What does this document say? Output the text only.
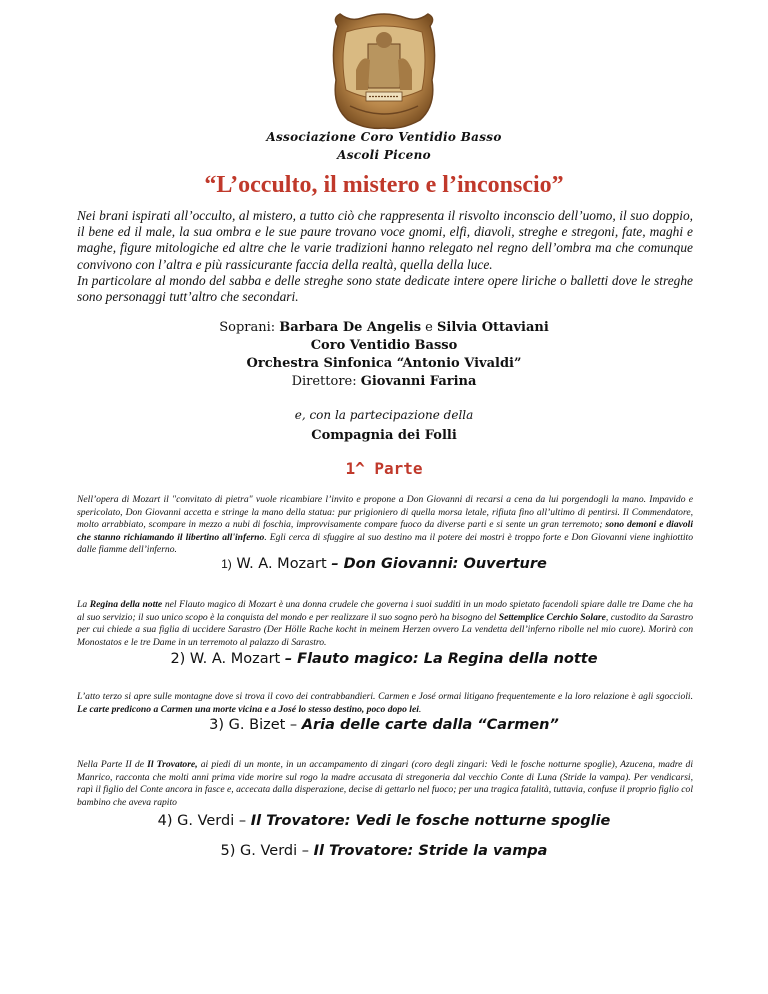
Associazione Coro Ventidio Basso
Ascoli Piceno
“L’occulto, il mistero e l’inconscio”

Nei brani ispirati all’occulto, al mistero, a tutto ciò che rappresenta il risvolto inconscio dell’uomo, il suo doppio, il bene ed il male, la sua ombra e le sue paure trovano voce gnomi, elfi, diavoli, streghe e stregoni, fate, maghi e maghe, figure mitologiche ed altre che le varie tradizioni hanno relegato nel regno dell’ombra ma che comunque convivono con l’altra e più rassicurante faccia della realtà, quella della luce.

In particolare al mondo del sabba e delle streghe sono state dedicate intere opere liriche o balletti dove le streghe sono personaggi tutt’altro che secondari.

Soprani: Barbara De Angelis e Silvia Ottaviani
Coro Ventidio Basso
Orchestra Sinfonica “Antonio Vivaldi”
Direttore: Giovanni Farina
e, con la partecipazione della
Compagnia dei Folli
1^ Parte

Nell’opera di Mozart il "convitato di pietra" vuole ricambiare l’invito e propone a Don Giovanni di recarsi a cena da lui porgendogli la mano. Impavido e spericolato, Don Giovanni accetta e stringe la mano della statua: pur prigioniero di quella morsa letale, rifiuta fino all’ultimo di pentirsi. Il Commendatore, molto arrabbiato, scompare in mezzo a nubi di foschia, improvvisamente compare fuoco da diverse parti e si sente un gran terremoto; sono demoni e diavoli che stanno richiamando il libertino all'inferno. Egli cerca di sfuggire al suo destino ma il potere dei mostri è troppo forte e Don Giovanni viene inghiottito dalle fiamme dell’inferno.

1) W. A. Mozart – Don Giovanni: Ouverture

La Regina della notte nel Flauto magico di Mozart è una donna crudele che governa i suoi sudditi in un modo spietato facendoli spiare dalle tre Dame che ha al suo servizio; il suo unico scopo è la conquista del mondo e per realizzare il suo sogno però ha bisogno del Settemplice Cerchio Solare, custodito da Sarastro per cui chiede a sua figlia di uccidere Sarastro (Der Hölle Rache kocht in meinem Herzen ovvero La vendetta dell’inferno ribolle nel mio cuore). Morirà con Monostatos e le tre Dame in un terremoto al palazzo di Sarastro.

2) W. A. Mozart – Flauto magico: La Regina della notte

L’atto terzo si apre sulle montagne dove si trova il covo dei contrabbandieri. Carmen e José ormai litigano frequentemente e la loro relazione è agli sgoccioli. Le carte predicono a Carmen una morte vicina e a José lo stesso destino, poco dopo lei.

3) G. Bizet – Aria delle carte dalla “Carmen”

Nella Parte II de Il Trovatore, ai piedi di un monte, in un accampamento di zingari (coro degli zingari: Vedi le fosche notturne spoglie), Azucena, madre di Manrico, racconta che molti anni prima vide morire sul rogo la madre accusata di stregoneria dal vecchio Conte di Luna (Stride la vampa). Per vendicarsi, rapì il figlio del Conte ancora in fasce e, accecata dalla disperazione, decise di gettarlo nel fuoco; per una tragica fatalità, tuttavia, confuse il proprio figlio col bambino che aveva rapito

4) G. Verdi – Il Trovatore: Vedi le fosche notturne spoglie
5) G. Verdi – Il Trovatore: Stride la vampa
